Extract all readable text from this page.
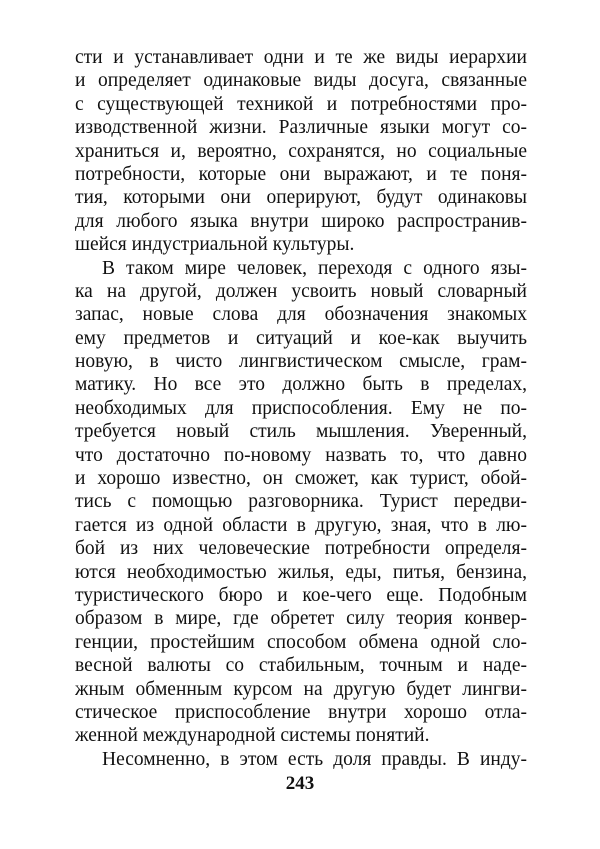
сти и устанавливает одни и те же виды иерархии
и определяет одинаковые виды досуга, связанные
с существующей техникой и потребностями про-
изводственной жизни. Различные языки могут со-
храниться и, вероятно, сохранятся, но социальные
потребности, которые они выражают, и те поня-
тия, которыми они оперируют, будут одинаковы
для любого языка внутри широко распространив-
шейся индустриальной культуры.
В таком мире человек, переходя с одного язы-
ка на другой, должен усвоить новый словарный
запас, новые слова для обозначения знакомых
ему предметов и ситуаций и кое-как выучить
новую, в чисто лингвистическом смысле, грам-
матику. Но все это должно быть в пределах,
необходимых для приспособления. Ему не по-
требуется новый стиль мышления. Уверенный,
что достаточно по-новому назвать то, что давно
и хорошо известно, он сможет, как турист, обой-
тись с помощью разговорника. Турист передви-
гается из одной области в другую, зная, что в лю-
бой из них человеческие потребности определя-
ются необходимостью жилья, еды, питья, бензина,
туристического бюро и кое-чего еще. Подобным
образом в мире, где обретет силу теория конвер-
генции, простейшим способом обмена одной сло-
весной валюты со стабильным, точным и наде-
жным обменным курсом на другую будет лингви-
стическое приспособление внутри хорошо отла-
женной международной системы понятий.
Несомненно, в этом есть доля правды. В инду-
243
